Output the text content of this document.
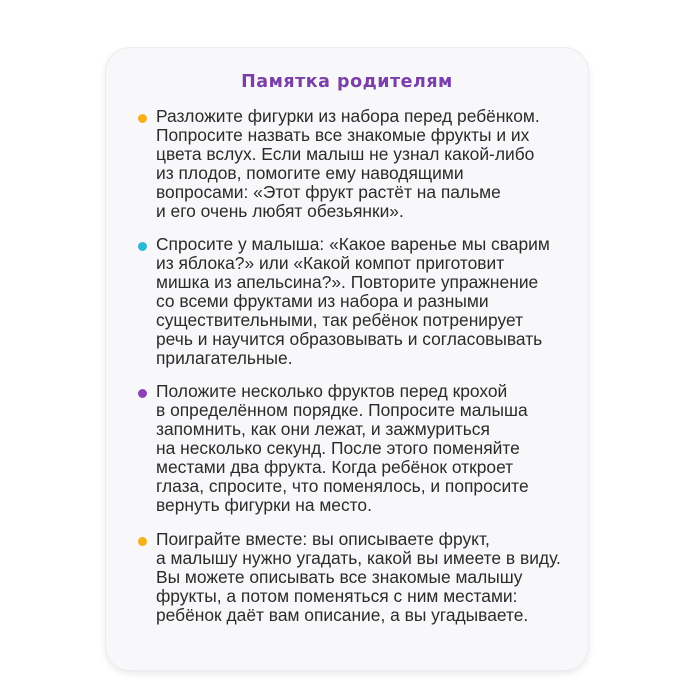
Памятка родителям
Разложите фигурки из набора перед ребёнком.
Попросите назвать все знакомые фрукты и их
цвета вслух. Если малыш не узнал какой-либо
из плодов, помогите ему наводящими
вопросами: «Этот фрукт растёт на пальме
и его очень любят обезьянки».
Спросите у малыша: «Какое варенье мы сварим
из яблока?» или «Какой компот приготовит
мишка из апельсина?». Повторите упражнение
со всеми фруктами из набора и разными
существительными, так ребёнок потренирует
речь и научится образовывать и согласовывать
прилагательные.
Положите несколько фруктов перед крохой
в определённом порядке. Попросите малыша
запомнить, как они лежат, и зажмуриться
на несколько секунд. После этого поменяйте
местами два фрукта. Когда ребёнок откроет
глаза, спросите, что поменялось, и попросите
вернуть фигурки на место.
Поиграйте вместе: вы описываете фрукт,
а малышу нужно угадать, какой вы имеете в виду.
Вы можете описывать все знакомые малышу
фрукты, а потом поменяться с ним местами:
ребёнок даёт вам описание, а вы угадываете.
